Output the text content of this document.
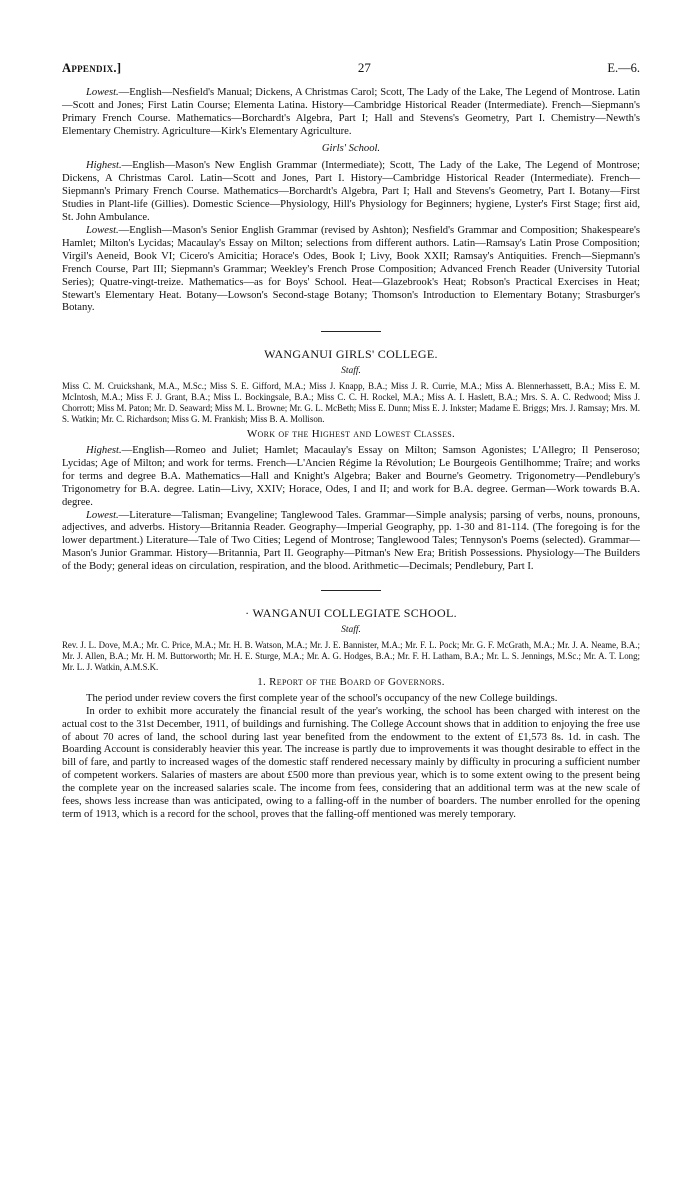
Appendix.]	27	E.—6.

Lowest.—English—Nesfield's Manual; Dickens, A Christmas Carol; Scott, The Lady of the Lake, The Legend of Montrose. Latin—Scott and Jones; First Latin Course; Elementa Latina. History—Cambridge Historical Reader (Intermediate). French—Siepmann's Primary French Course. Mathematics—Borchardt's Algebra, Part I; Hall and Stevens's Geometry, Part I. Chemistry—Newth's Elementary Chemistry. Agriculture—Kirk's Elementary Agriculture.

Girls' School.

Highest.—English—Mason's New English Grammar (Intermediate); Scott, The Lady of the Lake, The Legend of Montrose; Dickens, A Christmas Carol. Latin—Scott and Jones, Part I. History—Cambridge Historical Reader (Intermediate). French—Siepmann's Primary French Course. Mathematics—Borchardt's Algebra, Part I; Hall and Stevens's Geometry, Part I. Botany—First Studies in Plant-life (Gillies). Domestic Science—Physiology, Hill's Physiology for Beginners; hygiene, Lyster's First Stage; first aid, St. John Ambulance.

Lowest.—English—Mason's Senior English Grammar (revised by Ashton); Nesfield's Grammar and Composition; Shakespeare's Hamlet; Milton's Lycidas; Macaulay's Essay on Milton; selections from different authors. Latin—Ramsay's Latin Prose Composition; Virgil's Aeneid, Book VI; Cicero's Amicitia; Horace's Odes, Book I; Livy, Book XXII; Ramsay's Antiquities. French—Siepmann's French Course, Part III; Siepmann's Grammar; Weekley's French Prose Composition; Advanced French Reader (University Tutorial Series); Quatre-vingt-treize. Mathematics—as for Boys' School. Heat—Glazebrook's Heat; Robson's Practical Exercises in Heat; Stewart's Elementary Heat. Botany—Lowson's Second-stage Botany; Thomson's Introduction to Elementary Botany; Strasburger's Botany.

WANGANUI GIRLS' COLLEGE.
Staff.

Miss C. M. Cruickshank, M.A., M.Sc.; Miss S. E. Gifford, M.A.; Miss J. Knapp, B.A.; Miss J. R. Currie, M.A.; Miss A. Blennerhassett, B.A.; Miss E. M. McIntosh, M.A.; Miss F. J. Grant, B.A.; Miss L. Bockingsale, B.A.; Miss C. C. H. Rockel, M.A.; Miss A. I. Haslett, B.A.; Mrs. S. A. C. Redwood; Miss J. Chorrott; Miss M. Paton; Mr. D. Seaward; Miss M. L. Browne; Mr. G. L. McBeth; Miss E. Dunn; Miss E. J. Inkster; Madame E. Briggs; Mrs. J. Ramsay; Mrs. M. S. Watkin; Mr. C. Richardson; Miss G. M. Frankish; Miss B. A. Mollison.

Work of the Highest and Lowest Classes.

Highest.—English—Romeo and Juliet; Hamlet; Macaulay's Essay on Milton; Samson Agonistes; L'Allegro; Il Penseroso; Lycidas; Age of Milton; and work for terms. French—L'Ancien Régime la Révolution; Le Bourgeois Gentilhomme; Traîre; and works for terms and degree B.A. Mathematics—Hall and Knight's Algebra; Baker and Bourne's Geometry. Trigonometry—Pendlebury's Trigonometry for B.A. degree. Latin—Livy, XXIV; Horace, Odes, I and II; and work for B.A. degree. German—Work towards B.A. degree.

Lowest.—Literature—Talisman; Evangeline; Tanglewood Tales. Grammar—Simple analysis; parsing of verbs, nouns, pronouns, adjectives, and adverbs. History—Britannia Reader. Geography—Imperial Geography, pp. 1-30 and 81-114. (The foregoing is for the lower department.) Literature—Tale of Two Cities; Legend of Montrose; Tanglewood Tales; Tennyson's Poems (selected). Grammar—Mason's Junior Grammar. History—Britannia, Part II. Geography—Pitman's New Era; British Possessions. Physiology—The Builders of the Body; general ideas on circulation, respiration, and the blood. Arithmetic—Decimals; Pendlebury, Part I.

· WANGANUI COLLEGIATE SCHOOL.
Staff.

Rev. J. L. Dove, M.A.; Mr. C. Price, M.A.; Mr. H. B. Watson, M.A.; Mr. J. E. Bannister, M.A.; Mr. F. L. Pock; Mr. G. F. McGrath, M.A.; Mr. J. A. Neame, B.A.; Mr. J. Allen, B.A.; Mr. H. M. Buttorworth; Mr. H. E. Sturge, M.A.; Mr. A. G. Hodges, B.A.; Mr. F. H. Latham, B.A.; Mr. L. S. Jennings, M.Sc.; Mr. A. T. Long; Mr. L. J. Watkin, A.M.S.K.

1. Report of the Board of Governors.

The period under review covers the first complete year of the school's occupancy of the new College buildings.

In order to exhibit more accurately the financial result of the year's working, the school has been charged with interest on the actual cost to the 31st December, 1911, of buildings and furnishing. The College Account shows that in addition to enjoying the free use of about 70 acres of land, the school during last year benefited from the endowment to the extent of £1,573 8s. 1d. in cash. The Boarding Account is considerably heavier this year. The increase is partly due to improvements it was thought desirable to effect in the bill of fare, and partly to increased wages of the domestic staff rendered necessary mainly by difficulty in procuring a sufficient number of competent workers. Salaries of masters are about £500 more than previous year, which is to some extent owing to the present being the complete year on the increased salaries scale. The income from fees, considering that an additional term was at the new scale of fees, shows less increase than was anticipated, owing to a falling-off in the number of boarders. The number enrolled for the opening term of 1913, which is a record for the school, proves that the falling-off mentioned was merely temporary.
